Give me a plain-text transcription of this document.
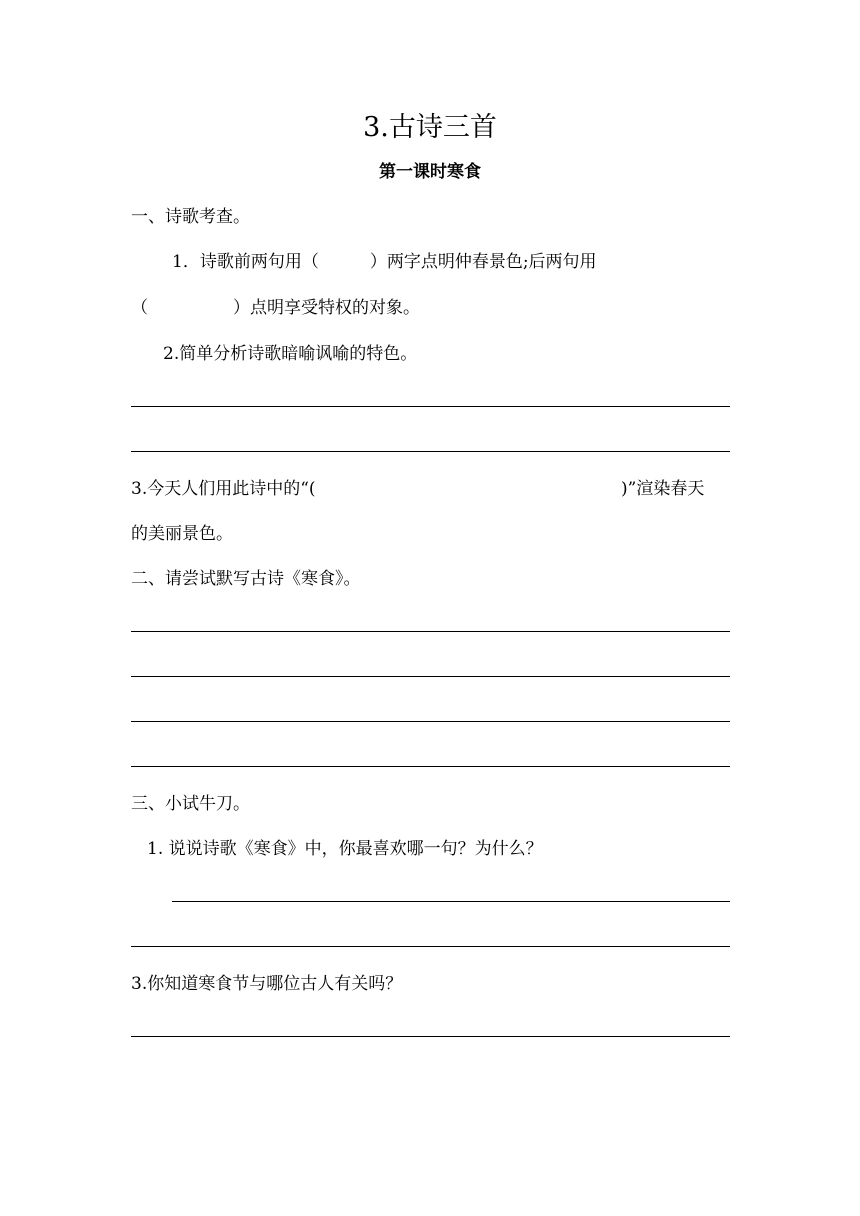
3.古诗三首
第一课时寒食
一、诗歌考查。
1．诗歌前两句用（　　　）两字点明仲春景色;后两句用
（　　　　　）点明享受特权的对象。
2.简单分析诗歌暗喻讽喻的特色。
3.今天人们用此诗中的“(	)”渲染春天
的美丽景色。
二、请尝试默写古诗《寒食》。
三、小试牛刀。
1. 说说诗歌《寒食》中，你最喜欢哪一句？为什么？
3.你知道寒食节与哪位古人有关吗？
